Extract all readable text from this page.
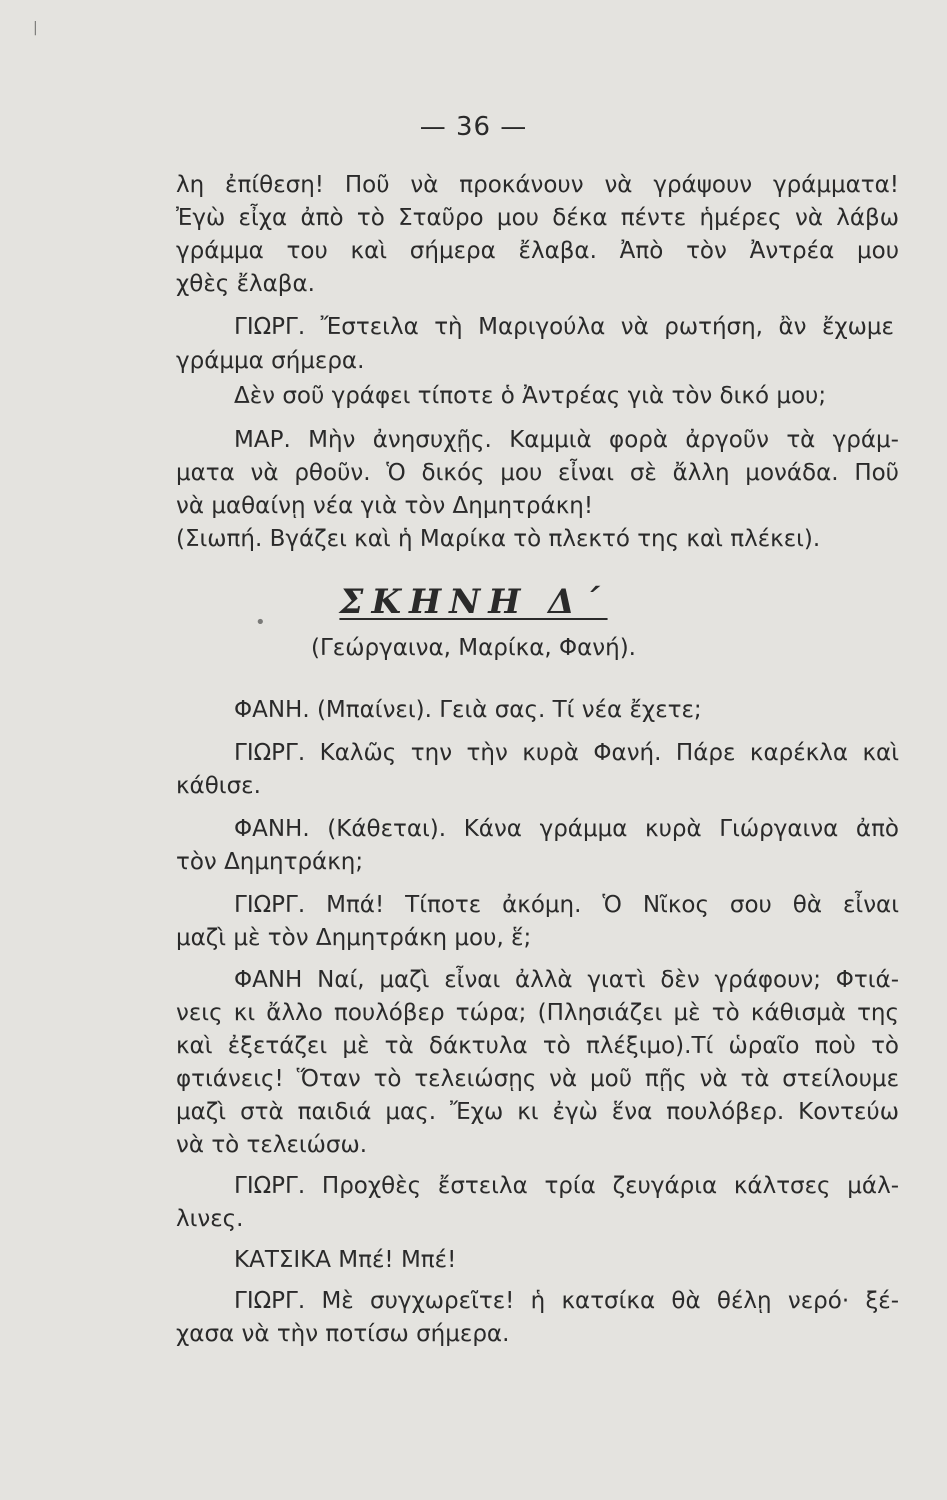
|
•
— 36 —
λη ἐπίθεση! Ποῦ νὰ προκάνουν νὰ γράψουν γράμματα!
Ἐγὼ εἶχα ἀπὸ τὸ Σταῦρο μου δέκα πέντε ἡμέρες νὰ λάβω
γράμμα του καὶ σήμερα ἔλαβα. Ἀπὸ τὸν Ἀντρέα μου
χθὲς ἔλαβα.
ΓΙΩΡΓ. Ἔστειλα τὴ Μαριγούλα νὰ ρωτήση, ἂν ἔχωμε
γράμμα σήμερα.
Δὲν σοῦ γράφει τίποτε ὁ Ἀντρέας γιὰ τὸν δικό μου;
ΜΑΡ. Μὴν ἀνησυχῇς. Καμμιὰ φορὰ ἀργοῦν τὰ γράμ-
ματα νὰ ρθοῦν. Ὁ δικός μου εἶναι σὲ ἄλλη μονάδα. Ποῦ
νὰ μαθαίνῃ νέα γιὰ τὸν Δημητράκη!
(Σιωπή. Βγάζει καὶ ἡ Μαρίκα τὸ πλεκτό της καὶ πλέκει).
ΣΚΗΝΗ Δ΄
(Γεώργαινα, Μαρίκα, Φανή).
ΦΑΝΗ. (Μπαίνει). Γειὰ σας. Τί νέα ἔχετε;
ΓΙΩΡΓ. Καλῶς την τὴν κυρὰ Φανή. Πάρε καρέκλα καὶ
κάθισε.
ΦΑΝΗ. (Κάθεται). Κάνα γράμμα κυρὰ Γιώργαινα ἀπὸ
τὸν Δημητράκη;
ΓΙΩΡΓ. Μπά! Τίποτε ἀκόμη. Ὁ Νῖκος σου θὰ εἶναι
μαζὶ μὲ τὸν Δημητράκη μου, ἕ;
ΦΑΝΗ Ναί, μαζὶ εἶναι ἀλλὰ γιατὶ δὲν γράφουν; Φτιά-
νεις κι ἄλλο πουλόβερ τώρα; (Πλησιάζει μὲ τὸ κάθισμὰ της
καὶ ἐξετάζει μὲ τὰ δάκτυλα τὸ πλέξιμο).Τί ὡραῖο ποὺ τὸ
φτιάνεις! Ὅταν τὸ τελειώσῃς νὰ μοῦ πῇς νὰ τὰ στείλουμε
μαζὶ στὰ παιδιά μας. Ἔχω κι ἐγὼ ἕνα πουλόβερ. Κοντεύω
νὰ τὸ τελειώσω.
ΓΙΩΡΓ. Προχθὲς ἔστειλα τρία ζευγάρια κάλτσες μάλ-
λινες.
ΚΑΤΣΙΚΑ Μπέ! Μπέ!
ΓΙΩΡΓ. Μὲ συγχωρεῖτε! ἡ κατσίκα θὰ θέλῃ νερό· ξέ-
χασα νὰ τὴν ποτίσω σήμερα.
